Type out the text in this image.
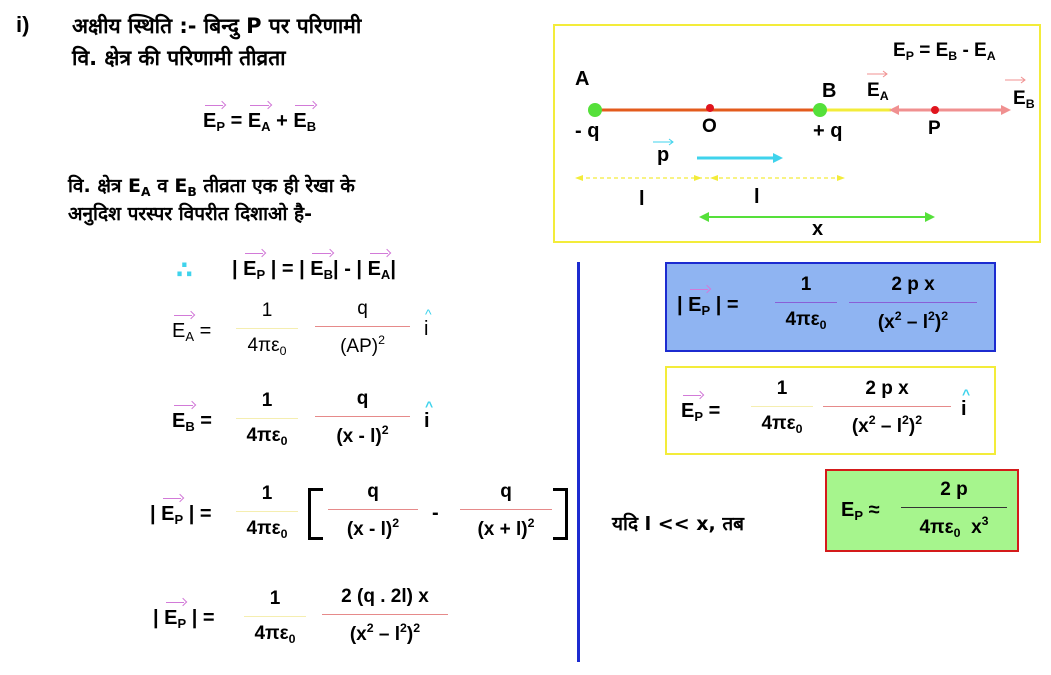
i) अक्षीय स्थिति :- बिन्दु P पर परिणामी
वि. क्षेत्र की परिणामी तीव्रता
$E_P = E_A + E_B$
वि. क्षेत्र $E_A$ व $E_B$ तीव्रता एक ही रेखा के
अनुदिश परस्पर विपरीत दिशाओ है-
∴ | $E_P$ | = | $E_B|$ - | $E_A|$
$E_A$ =
1
$4\pi\varepsilon_0$
q
(AP)$^2$
^
i
$E_B$ =
1
$4\pi\varepsilon_0$
q
(x - l)$^2$
^
i
| $E_P$ | =
1
$4\pi\varepsilon_0$
q
(x - l)$^2$	-
q
$(x + l)^2$
| $E_P$ | =
1
$4\pi\varepsilon_0$
2 (q . 2l) x
$(x^2 - l^2)^2$
A
B
O	P
- q	+ q
p
l	l
x
$E_A$	$E_B$
$E_P = E_B - E_A$
| $E_P$ | =
1
$4\pi\varepsilon_0$
2 p x
$(x^2 - l^2)^2$
$E_P$ =
1
$4\pi\varepsilon_0$
2 p x
$(x^2 - l^2)^2$
^
i
यदि l << x, तब
$E_P$ ≈
2 p
$4\pi\varepsilon_0$ $x^3$
